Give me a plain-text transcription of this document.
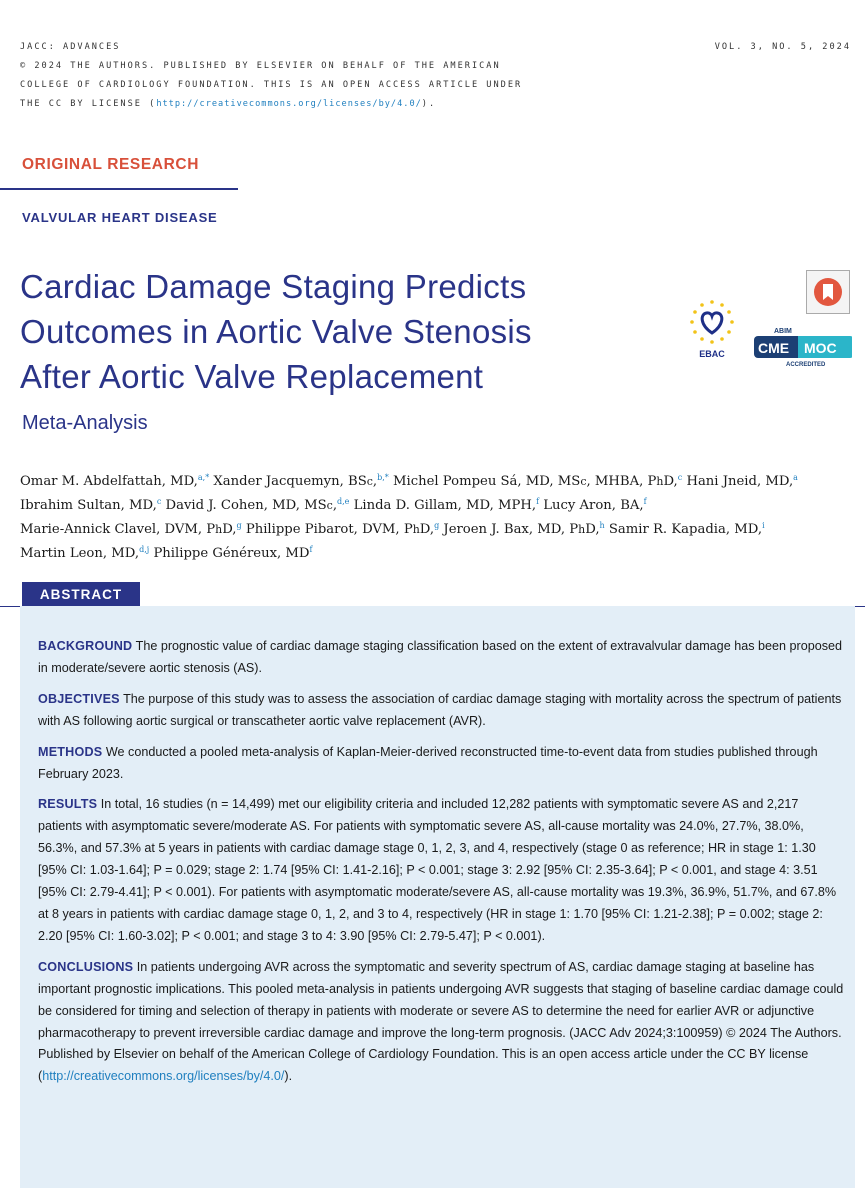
JACC: ADVANCES
© 2024 THE AUTHORS. PUBLISHED BY ELSEVIER ON BEHALF OF THE AMERICAN
COLLEGE OF CARDIOLOGY FOUNDATION. THIS IS AN OPEN ACCESS ARTICLE UNDER
THE CC BY LICENSE (http://creativecommons.org/licenses/by/4.0/).
VOL. 3, NO. 5, 2024
ORIGINAL RESEARCH
VALVULAR HEART DISEASE
Cardiac Damage Staging Predicts
Outcomes in Aortic Valve Stenosis
After Aortic Valve Replacement
Meta-Analysis
EBAC
ABIM
CME MOC
ACCREDITED
Omar M. Abdelfattah, MD,$^{a,*}$ Xander Jacquemyn, BSc,$^{b,*}$ Michel Pompeu Sá, MD, MSc, MHBA, PhD,$^c$ Hani Jneid, MD,$^a$
Ibrahim Sultan, MD,$^c$ David J. Cohen, MD, MSc,$^{d,e}$ Linda D. Gillam, MD, MPH,$^f$ Lucy Aron, BA,$^f$
Marie-Annick Clavel, DVM, PhD,$^g$ Philippe Pibarot, DVM, PhD,$^g$ Jeroen J. Bax, MD, PhD,$^h$ Samir R. Kapadia, MD,$^i$
Martin Leon, MD,$^{d,j}$ Philippe Généreux, $MD^f$
ABSTRACT

BACKGROUND The prognostic value of cardiac damage staging classification based on the extent of extravalvular damage has been proposed in moderate/severe aortic stenosis (AS).

OBJECTIVES The purpose of this study was to assess the association of cardiac damage staging with mortality across the spectrum of patients with AS following aortic surgical or transcatheter aortic valve replacement (AVR).

METHODS We conducted a pooled meta-analysis of Kaplan-Meier-derived reconstructed time-to-event data from studies published through February 2023.

RESULTS In total, 16 studies (n = 14,499) met our eligibility criteria and included 12,282 patients with symptomatic severe AS and 2,217 patients with asymptomatic severe/moderate AS. For patients with symptomatic severe AS, all-cause mortality was 24.0%, 27.7%, 38.0%, 56.3%, and 57.3% at 5 years in patients with cardiac damage stage 0, 1, 2, 3, and 4, respectively (stage 0 as reference; HR in stage 1: 1.30 [95% CI: 1.03-1.64]; P = 0.029; stage 2: 1.74 [95% CI: 1.41-2.16]; P < 0.001; stage 3: 2.92 [95% CI: 2.35-3.64]; P < 0.001, and stage 4: 3.51 [95% CI: 2.79-4.41]; P < 0.001). For patients with asymptomatic moderate/severe AS, all-cause mortality was 19.3%, 36.9%, 51.7%, and 67.8% at 8 years in patients with cardiac damage stage 0, 1, 2, and 3 to 4, respectively (HR in stage 1: 1.70 [95% CI: 1.21-2.38]; P = 0.002; stage 2: 2.20 [95% CI: 1.60-3.02]; P < 0.001; and stage 3 to 4: 3.90 [95% CI: 2.79-5.47]; P < 0.001).

CONCLUSIONS In patients undergoing AVR across the symptomatic and severity spectrum of AS, cardiac damage staging at baseline has important prognostic implications. This pooled meta-analysis in patients undergoing AVR suggests that staging of baseline cardiac damage could be considered for timing and selection of therapy in patients with moderate or severe AS to determine the need for earlier AVR or adjunctive pharmacotherapy to prevent irreversible cardiac damage and improve the long-term prognosis. (JACC Adv 2024;3:100959) © 2024 The Authors. Published by Elsevier on behalf of the American College of Cardiology Foundation. This is an open access article under the CC BY license (http://creativecommons.org/licenses/by/4.0/).
